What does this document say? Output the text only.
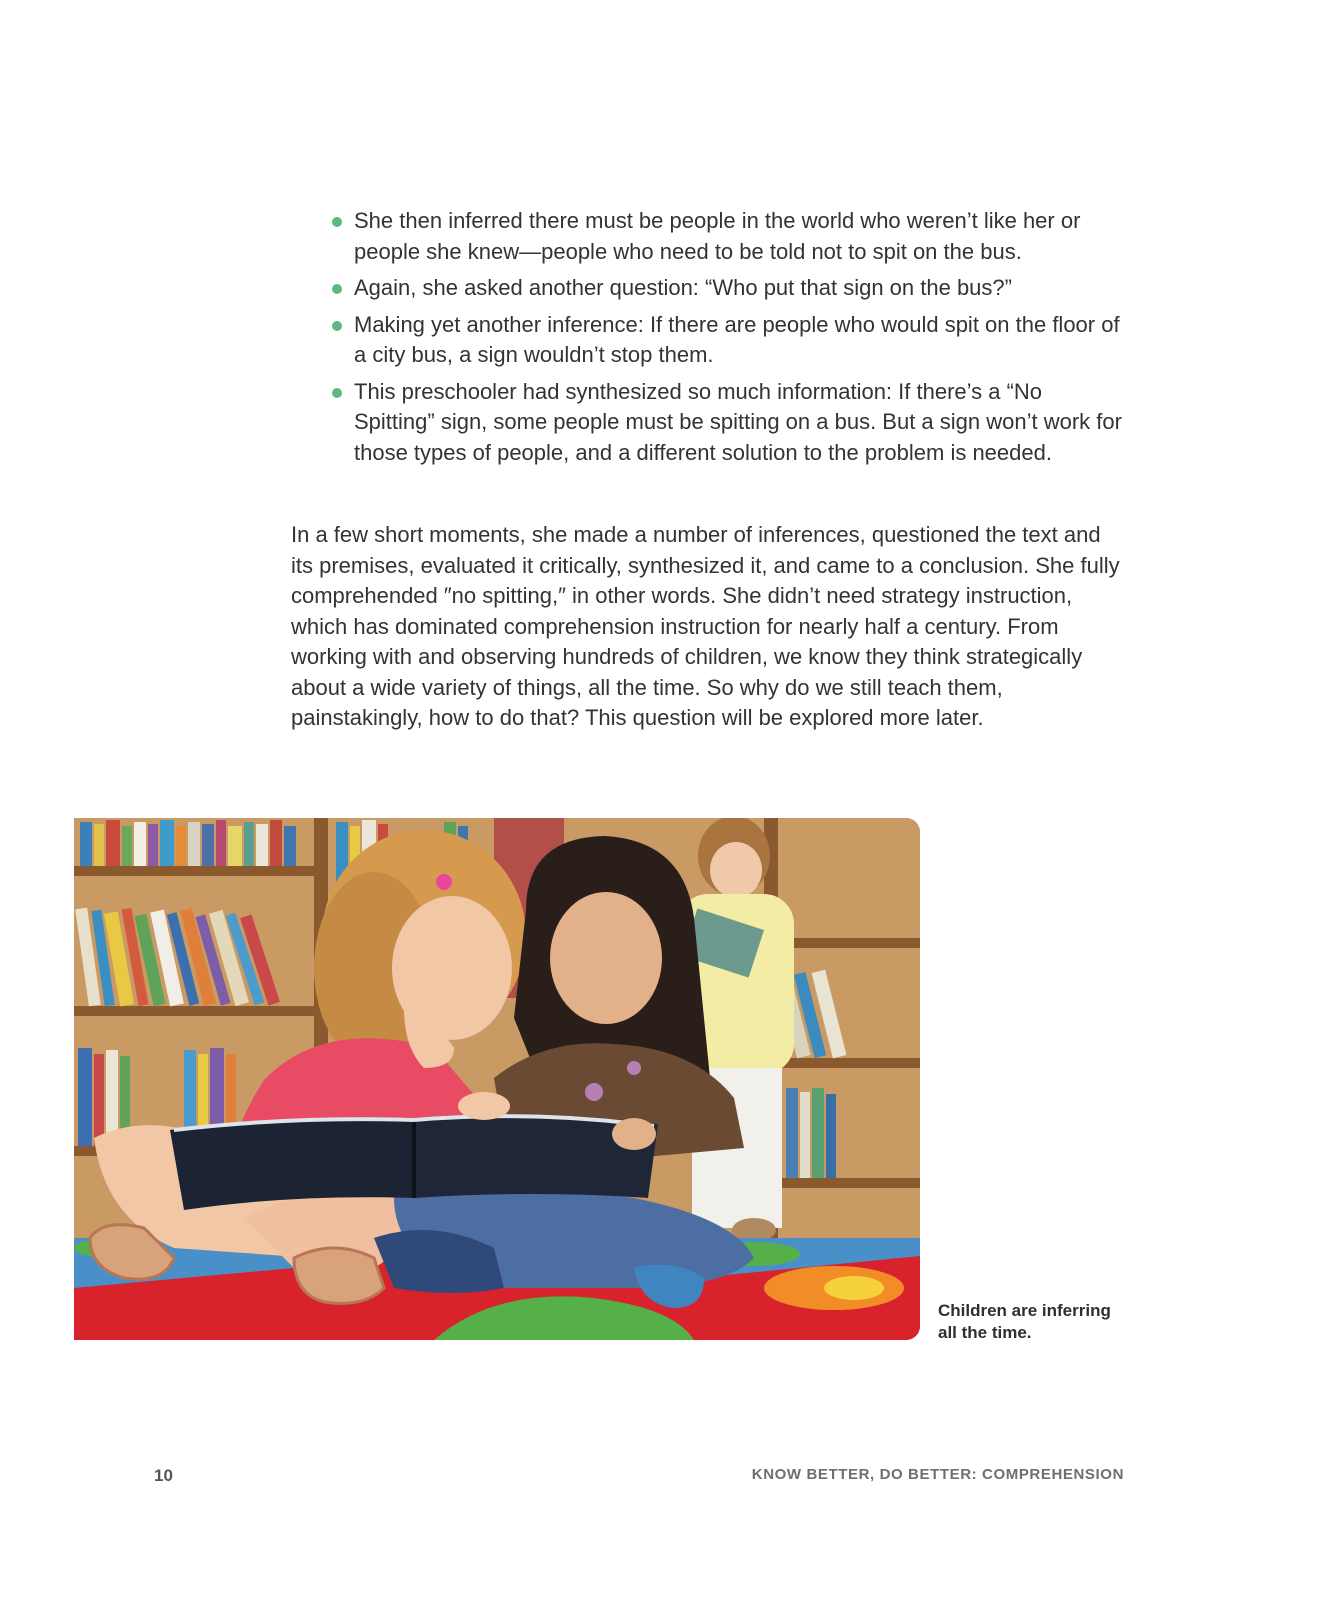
She then inferred there must be people in the world who weren’t like her or people she knew—people who need to be told not to spit on the bus.
Again, she asked another question: “Who put that sign on the bus?”
Making yet another inference: If there are people who would spit on the floor of a city bus, a sign wouldn’t stop them.
This preschooler had synthesized so much information: If there’s a “No Spitting” sign, some people must be spitting on a bus. But a sign won’t work for those types of people, and a different solution to the problem is needed.

In a few short moments, she made a number of inferences, questioned the text and its premises, evaluated it critically, synthesized it, and came to a conclusion. She fully comprehended ″no spitting,″ in other words. She didn’t need strategy instruction, which has dominated comprehension instruction for nearly half a century. From working with and observing hundreds of children, we know they think strategically about a wide variety of things, all the time. So why do we still teach them, painstakingly, how to do that? This question will be explored more later.

Children are inferring
all the time.

10	KNOW BETTER, DO BETTER: COMPREHENSION
